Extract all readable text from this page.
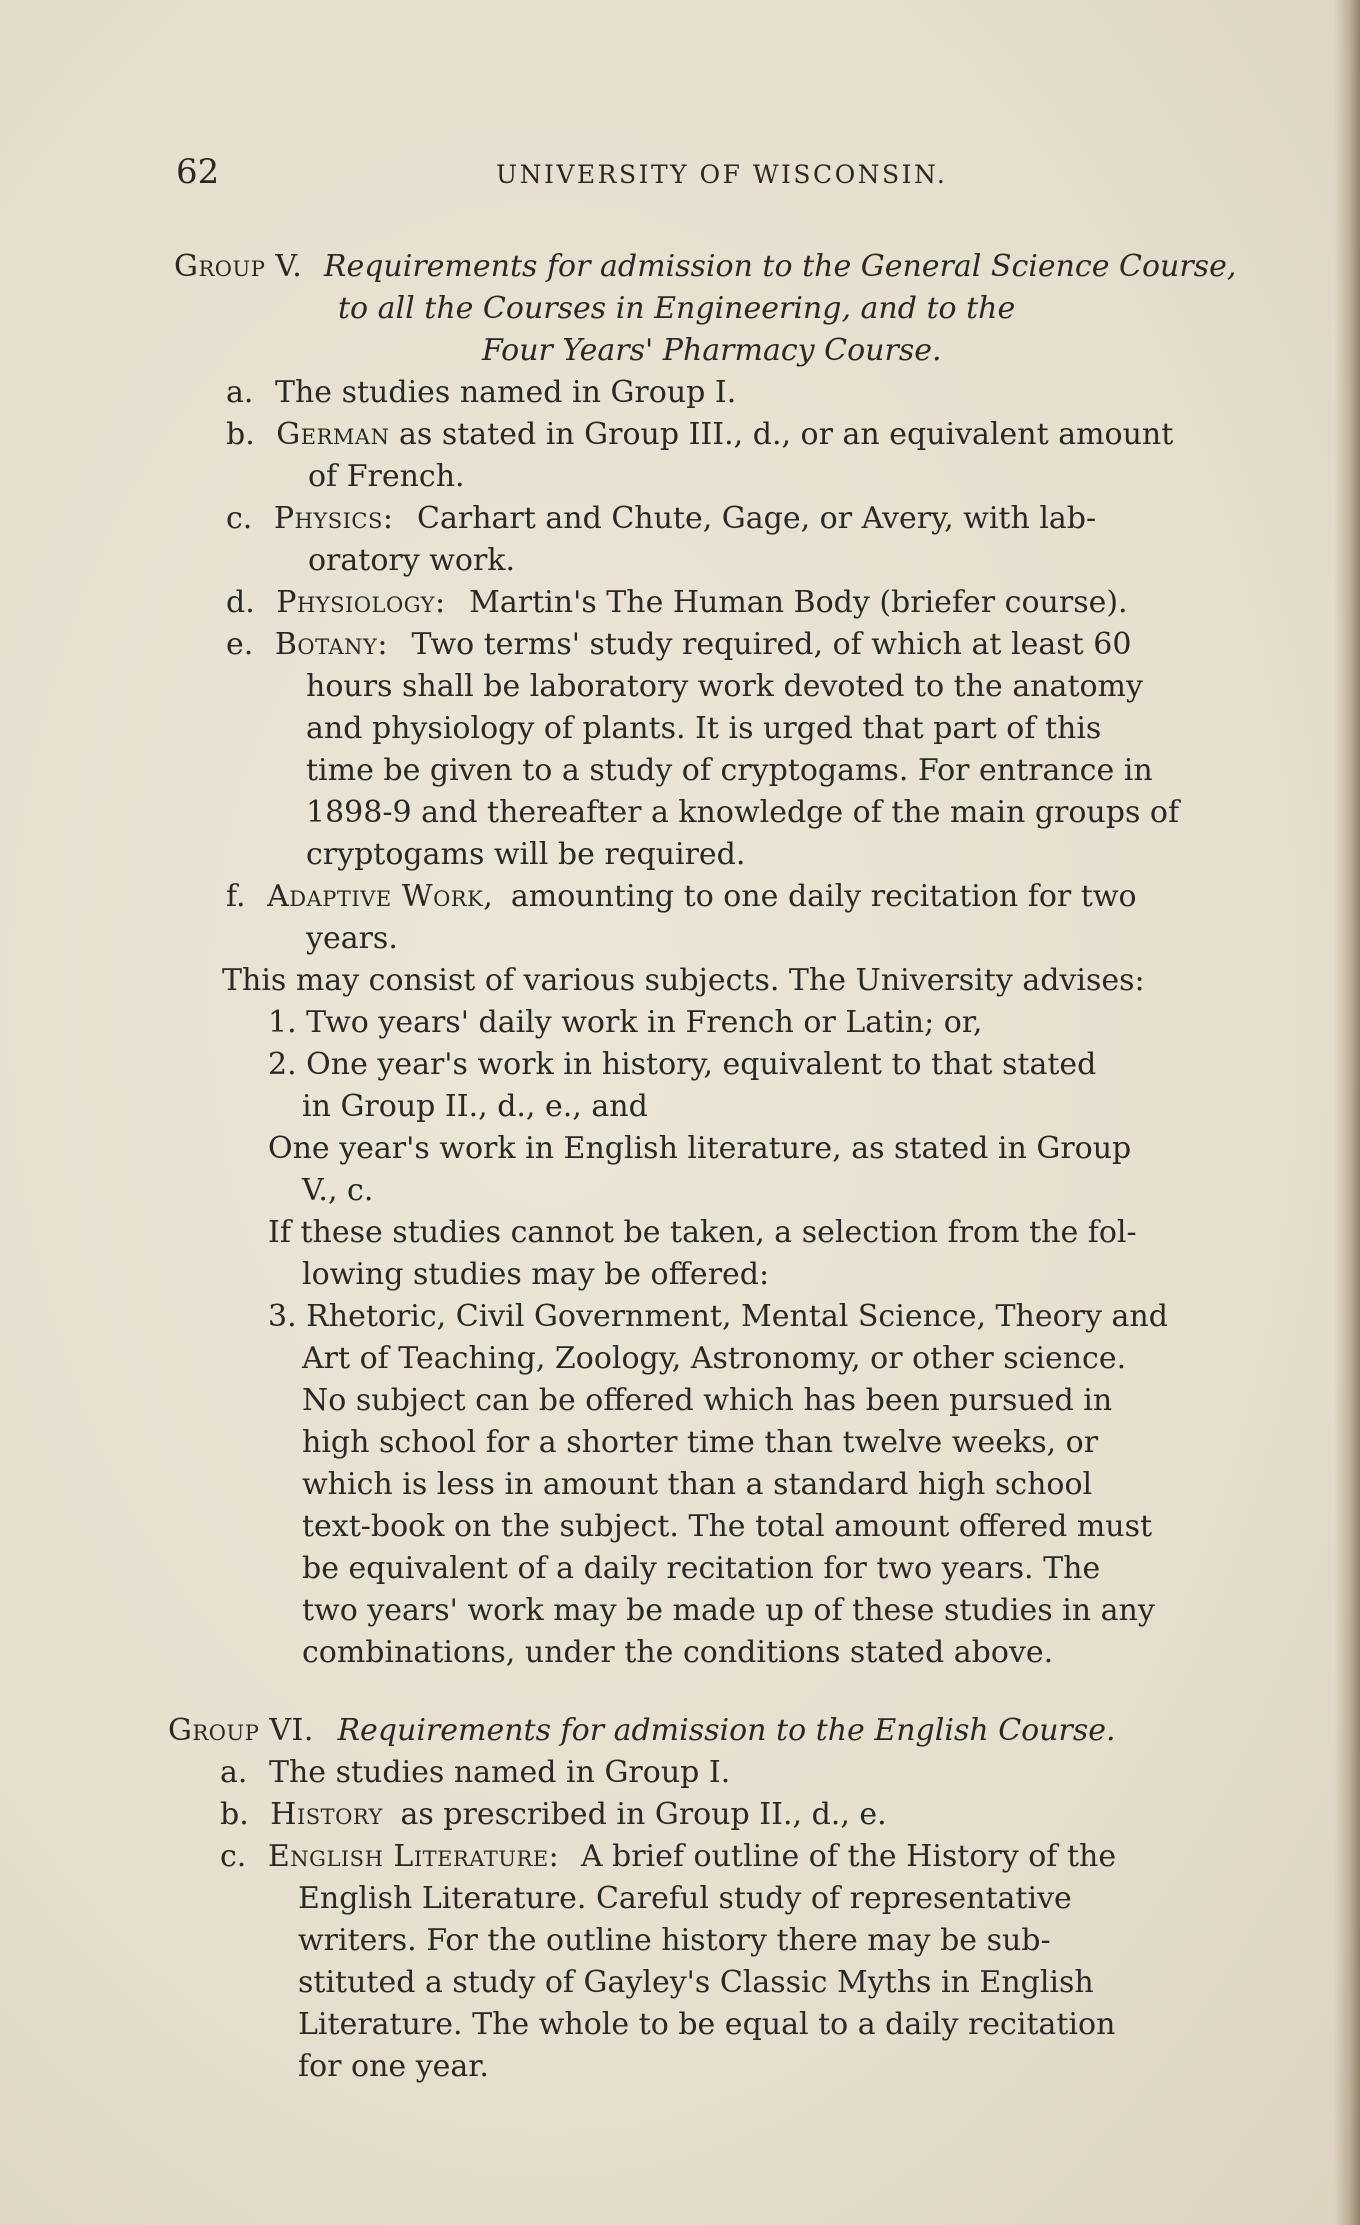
62	UNIVERSITY OF WISCONSIN.
Group V. Requirements for admission to the General Science Course,
to all the Courses in Engineering, and to the
Four Years' Pharmacy Course.
a. The studies named in Group I.
b. German as stated in Group III., d., or an equivalent amount
of French.
c. Physics: Carhart and Chute, Gage, or Avery, with lab-
oratory work.
d. Physiology: Martin's The Human Body (briefer course).
e. Botany: Two terms' study required, of which at least 60
hours shall be laboratory work devoted to the anatomy
and physiology of plants. It is urged that part of this
time be given to a study of cryptogams. For entrance in
1898-9 and thereafter a knowledge of the main groups of
cryptogams will be required.
f. Adaptive Work, amounting to one daily recitation for two
years.
This may consist of various subjects. The University advises:
1. Two years' daily work in French or Latin; or,
2. One year's work in history, equivalent to that stated
in Group II., d., e., and
One year's work in English literature, as stated in Group
V., c.
If these studies cannot be taken, a selection from the fol-
lowing studies may be offered:
3. Rhetoric, Civil Government, Mental Science, Theory and
Art of Teaching, Zoology, Astronomy, or other science.
No subject can be offered which has been pursued in
high school for a shorter time than twelve weeks, or
which is less in amount than a standard high school
text-book on the subject. The total amount offered must
be equivalent of a daily recitation for two years. The
two years' work may be made up of these studies in any
combinations, under the conditions stated above.
Group VI. Requirements for admission to the English Course.
a. The studies named in Group I.
b. History as prescribed in Group II., d., e.
c. English Literature: A brief outline of the History of the
English Literature. Careful study of representative
writers. For the outline history there may be sub-
stituted a study of Gayley's Classic Myths in English
Literature. The whole to be equal to a daily recitation
for one year.
